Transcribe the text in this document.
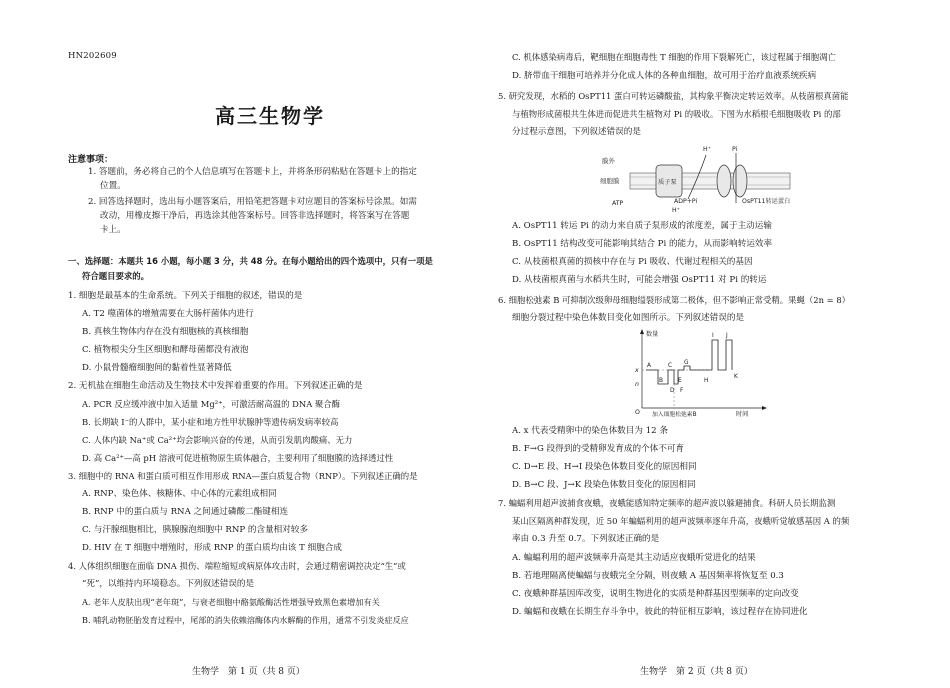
HN202609
高三生物学
注意事项：
1. 答题前，务必将自己的个人信息填写在答题卡上，并将条形码粘贴在答题卡上的指定
位置。
2. 回答选择题时，选出每小题答案后，用铅笔把答题卡对应题目的答案标号涂黑。如需
改动，用橡皮擦干净后，再选涂其他答案标号。回答非选择题时，将答案写在答题
卡上。
一、选择题：本题共 16 小题，每小题 3 分，共 48 分。在每小题给出的四个选项中，只有一项是
符合题目要求的。
1. 细胞是最基本的生命系统。下列关于细胞的叙述，错误的是
A. T2 噬菌体的增殖需要在大肠杆菌体内进行
B. 真核生物体内存在没有细胞核的真核细胞
C. 植物根尖分生区细胞和酵母菌都没有液泡
D. 小鼠骨髓瘤细胞间的黏着性显著降低
2. 无机盐在细胞生命活动及生物技术中发挥着重要的作用。下列叙述正确的是
A. PCR 反应缓冲液中加入适量 Mg²⁺，可激活耐高温的 DNA 聚合酶
B. 长期缺 I⁻的人群中，某小症和地方性甲状腺肿等遗传病发病率较高
C. 人体内缺 Na⁺或 Ca²⁺均会影响兴奋的传递，从而引发肌肉酸痛、无力
D. 高 Ca²⁺—高 pH 溶液可促进植物原生质体融合，主要利用了细胞膜的选择透过性
3. 细胞中的 RNA 和蛋白质可相互作用形成 RNA—蛋白质复合物（RNP）。下列叙述正确的是
A. RNP、染色体、核糖体、中心体的元素组成相同
B. RNP 中的蛋白质与 RNA 之间通过磷酸二酯键相连
C. 与汗腺细胞相比，胰腺腺泡细胞中 RNP 的含量相对较多
D. HIV 在 T 细胞中增殖时，形成 RNP 的蛋白质均由该 T 细胞合成
4. 人体组织细胞在面临 DNA 损伤、端粒缩短或病原体攻击时，会通过精密调控决定“生”或
“死”，以维持内环境稳态。下列叙述错误的是
A. 老年人皮肤出现“老年斑”，与衰老细胞中酪氨酸酶活性增强导致黑色素增加有关
B. 哺乳动物胚胎发育过程中，尾部的消失依赖溶酶体内水解酶的作用，通常不引发炎症反应
C. 机体感染病毒后，靶细胞在细胞毒性 T 细胞的作用下裂解死亡，该过程属于细胞凋亡
D. 脐带血干细胞可培养并分化成人体的各种血细胞，故可用于治疗血液系统疾病
5. 研究发现，水稻的 OsPT11 蛋白可转运磷酸盐，其构象平衡决定转运效率。从枝菌根真菌能
与植物形成菌根共生体进而促进共生植物对 Pi 的吸收。下图为水稻根毛细胞吸收 Pi 的部
分过程示意图，下列叙述错误的是
膜外
细胞膜	质子泵
H⁺	Pi
ATP	ADP+Pi
H⁺
OsPT11转运蛋白
A. OsPT11 转运 Pi 的动力来自质子泵形成的浓度差，属于主动运输
B. OsPT11 结构改变可能影响其结合 Pi 的能力，从而影响转运效率
C. 从枝菌根真菌的损核中存在与 Pi 吸收、代谢过程相关的基因
D. 从枝菌根真菌与水稻共生时，可能会增强 OsPT11 对 Pi 的转运
6. 细胞松弛素 B 可抑制次级卵母细胞缢裂形成第二极体，但不影响正常受精。果蝇（2n = 8）
细胞分裂过程中染色体数目变化如图所示。下列叙述错误的是
数量
O
x
n
A
B
C
D
E
F
G
H
I J
K
加入细胞松弛素B	时间
A. x 代表受精卵中的染色体数目为 12 条
B. F→G 段得到的受精卵发育成的个体不可育
C. D→E 段、H→I 段染色体数目变化的原因相同
D. B→C 段、J→K 段染色体数目变化的原因相同
7. 蝙蝠利用超声波捕食夜蛾，夜蛾能感知特定频率的超声波以躲避捕食。科研人员长期监测
某山区隔离种群发现，近 50 年蝙蝠利用的超声波频率逐年升高，夜蛾听觉敏感基因 A 的频
率由 0.3 升至 0.7。下列叙述正确的是
A. 蝙蝠利用的超声波频率升高是其主动适应夜蛾听觉进化的结果
B. 若地理隔离使蝙蝠与夜蛾完全分隔，则夜蛾 A 基因频率将恢复至 0.3
C. 夜蛾种群基因库改变，说明生物进化的实质是种群基因型频率的定向改变
D. 蝙蝠和夜蛾在长期生存斗争中，彼此的特征相互影响，该过程存在协同进化
生物学　第 1 页（共 8 页）	生物学　第 2 页（共 8 页）
